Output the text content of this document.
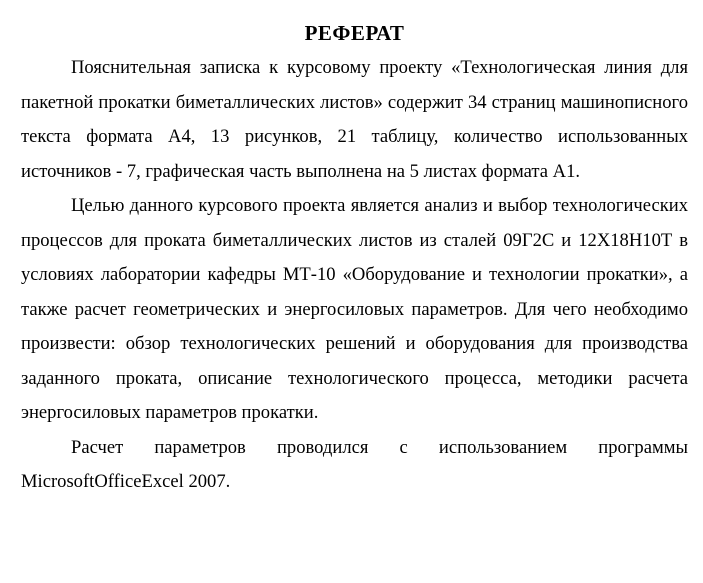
РЕФЕРАТ

Пояснительная записка к курсовому проекту «Технологическая линия для пакетной прокатки биметаллических листов» содержит 34 страниц машинописного текста формата А4, 13 рисунков, 21 таблицу, количество использованных источников - 7, графическая часть выполнена на 5 листах формата А1.

Целью данного курсового проекта является анализ и выбор технологических процессов для проката биметаллических листов из сталей 09Г2С и 12Х18Н10Т в условиях лаборатории кафедры МТ-10 «Оборудование и технологии прокатки», а также расчет геометрических и энергосиловых параметров. Для чего необходимо произвести: обзор технологических решений и оборудования для производства заданного проката, описание технологического процесса, методики расчета энергосиловых параметров прокатки.

Расчет параметров проводился с использованием программы MicrosoftOfficeExcel 2007.
